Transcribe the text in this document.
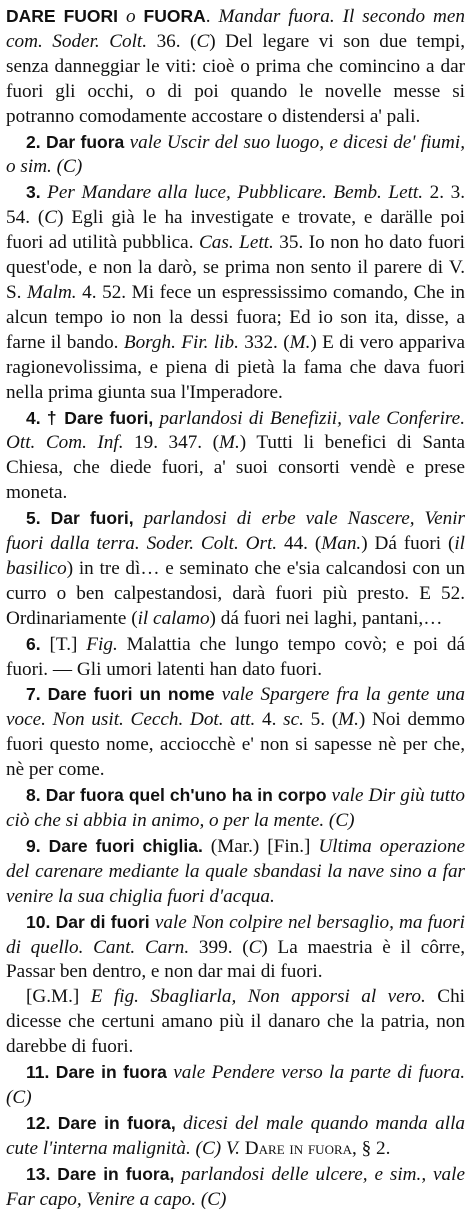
DARE FUORI o FUORA. Mandar fuora. Il secondo men com. Soder. Colt. 36. (C) Del legare vi son due tempi, senza danneggiar le viti: cioè o prima che comincino a dar fuori gli occhi, o di poi quando le novelle messe si potranno comodamente accostare o distendersi a' pali.
2. Dar fuora vale Uscir del suo luogo, e dicesi de' fiumi, o sim. (C)
3. Per Mandare alla luce, Pubblicare. Bemb. Lett. 2. 3. 54. (C) Egli già le ha investigate e trovate, e darälle poi fuori ad utilità pubblica. Cas. Lett. 35. Io non ho dato fuori quest'ode, e non la darò, se prima non sento il parere di V. S. Malm. 4. 52. Mi fece un espressissimo comando, Che in alcun tempo io non la dessi fuora; Ed io son ita, disse, a farne il bando. Borgh. Fir. lib. 332. (M.) E di vero appariva ragionevolissima, e piena di pietà la fama che dava fuori nella prima giunta sua l'Imperadore.
4. † Dare fuori, parlandosi di Benefizii, vale Conferire. Ott. Com. Inf. 19. 347. (M.) Tutti li benefici di Santa Chiesa, che diede fuori, a' suoi consorti vendè e prese moneta.
5. Dar fuori, parlandosi di erbe vale Nascere, Venir fuori dalla terra. Soder. Colt. Ort. 44. (Man.) Dá fuori (il basilico) in tre dì… e seminato che e'sia calcandosi con un curro o ben calpestandosi, darà fuori più presto. E 52. Ordinariamente (il calamo) dá fuori nei laghi, pantani,…
6. [T.] Fig. Malattia che lungo tempo covò; e poi dá fuori. — Gli umori latenti han dato fuori.
7. Dare fuori un nome vale Spargere fra la gente una voce. Non usit. Cecch. Dot. att. 4. sc. 5. (M.) Noi demmo fuori questo nome, acciocchè e' non si sapesse nè per che, nè per come.
8. Dar fuora quel ch'uno ha in corpo vale Dir giù tutto ciò che si abbia in animo, o per la mente. (C)
9. Dare fuori chiglia. (Mar.) [Fin.] Ultima operazione del carenare mediante la quale sbandasi la nave sino a far venire la sua chiglia fuori d'acqua.
10. Dar di fuori vale Non colpire nel bersaglio, ma fuori di quello. Cant. Carn. 399. (C) La maestria è il côrre, Passar ben dentro, e non dar mai di fuori.
[G.M.] E fig. Sbagliarla, Non apporsi al vero. Chi dicesse che certuni amano più il danaro che la patria, non darebbe di fuori.
11. Dare in fuora vale Pendere verso la parte di fuora. (C)
12. Dare in fuora, dicesi del male quando manda alla cute l'interna malignità. (C) V. Dare in fuora, § 2.
13. Dare in fuora, parlandosi delle ulcere, e sim., vale Far capo, Venire a capo. (C)
